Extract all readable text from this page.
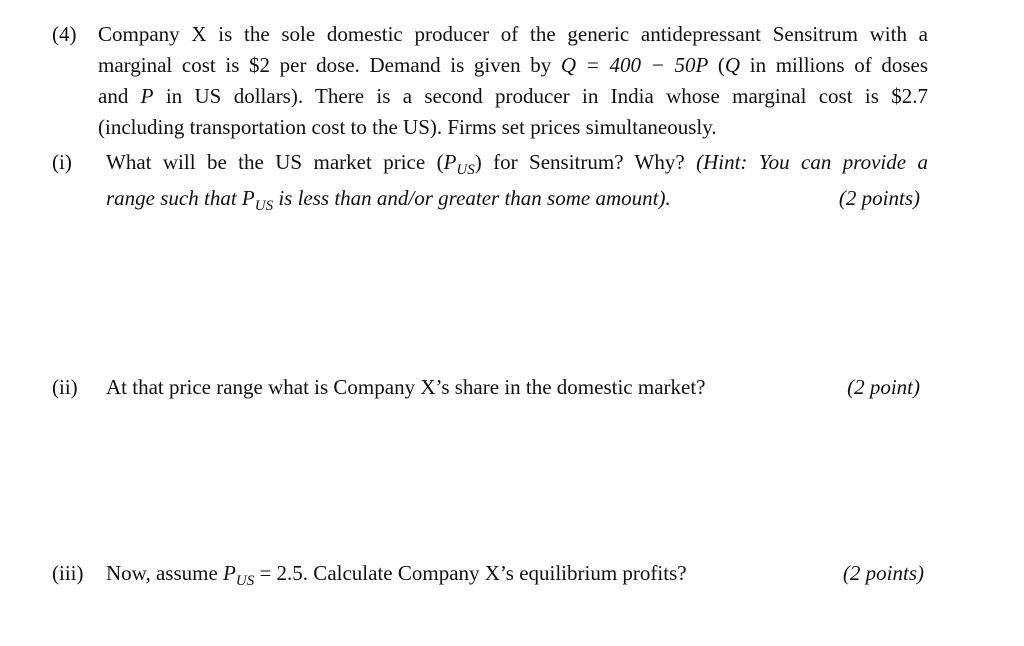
(4) Company X is the sole domestic producer of the generic antidepressant Sensitrum with a
marginal cost is $2 per dose. Demand is given by Q = 400 − 50P (Q in millions of doses
and P in US dollars). There is a second producer in India whose marginal cost is $2.7
(including transportation cost to the US). Firms set prices simultaneously.
(i) What will be the US market price $(P_{US})$ for Sensitrum? Why? (Hint: You can provide a
range such that $P_{US}$ is less than and/or greater than some amount).	(2 points)
(ii) At that price range what is Company X’s share in the domestic market?	(2 point)
(iii) Now, assume $P_{US} = 2.5$. Calculate Company X’s equilibrium profits?	(2 points)
